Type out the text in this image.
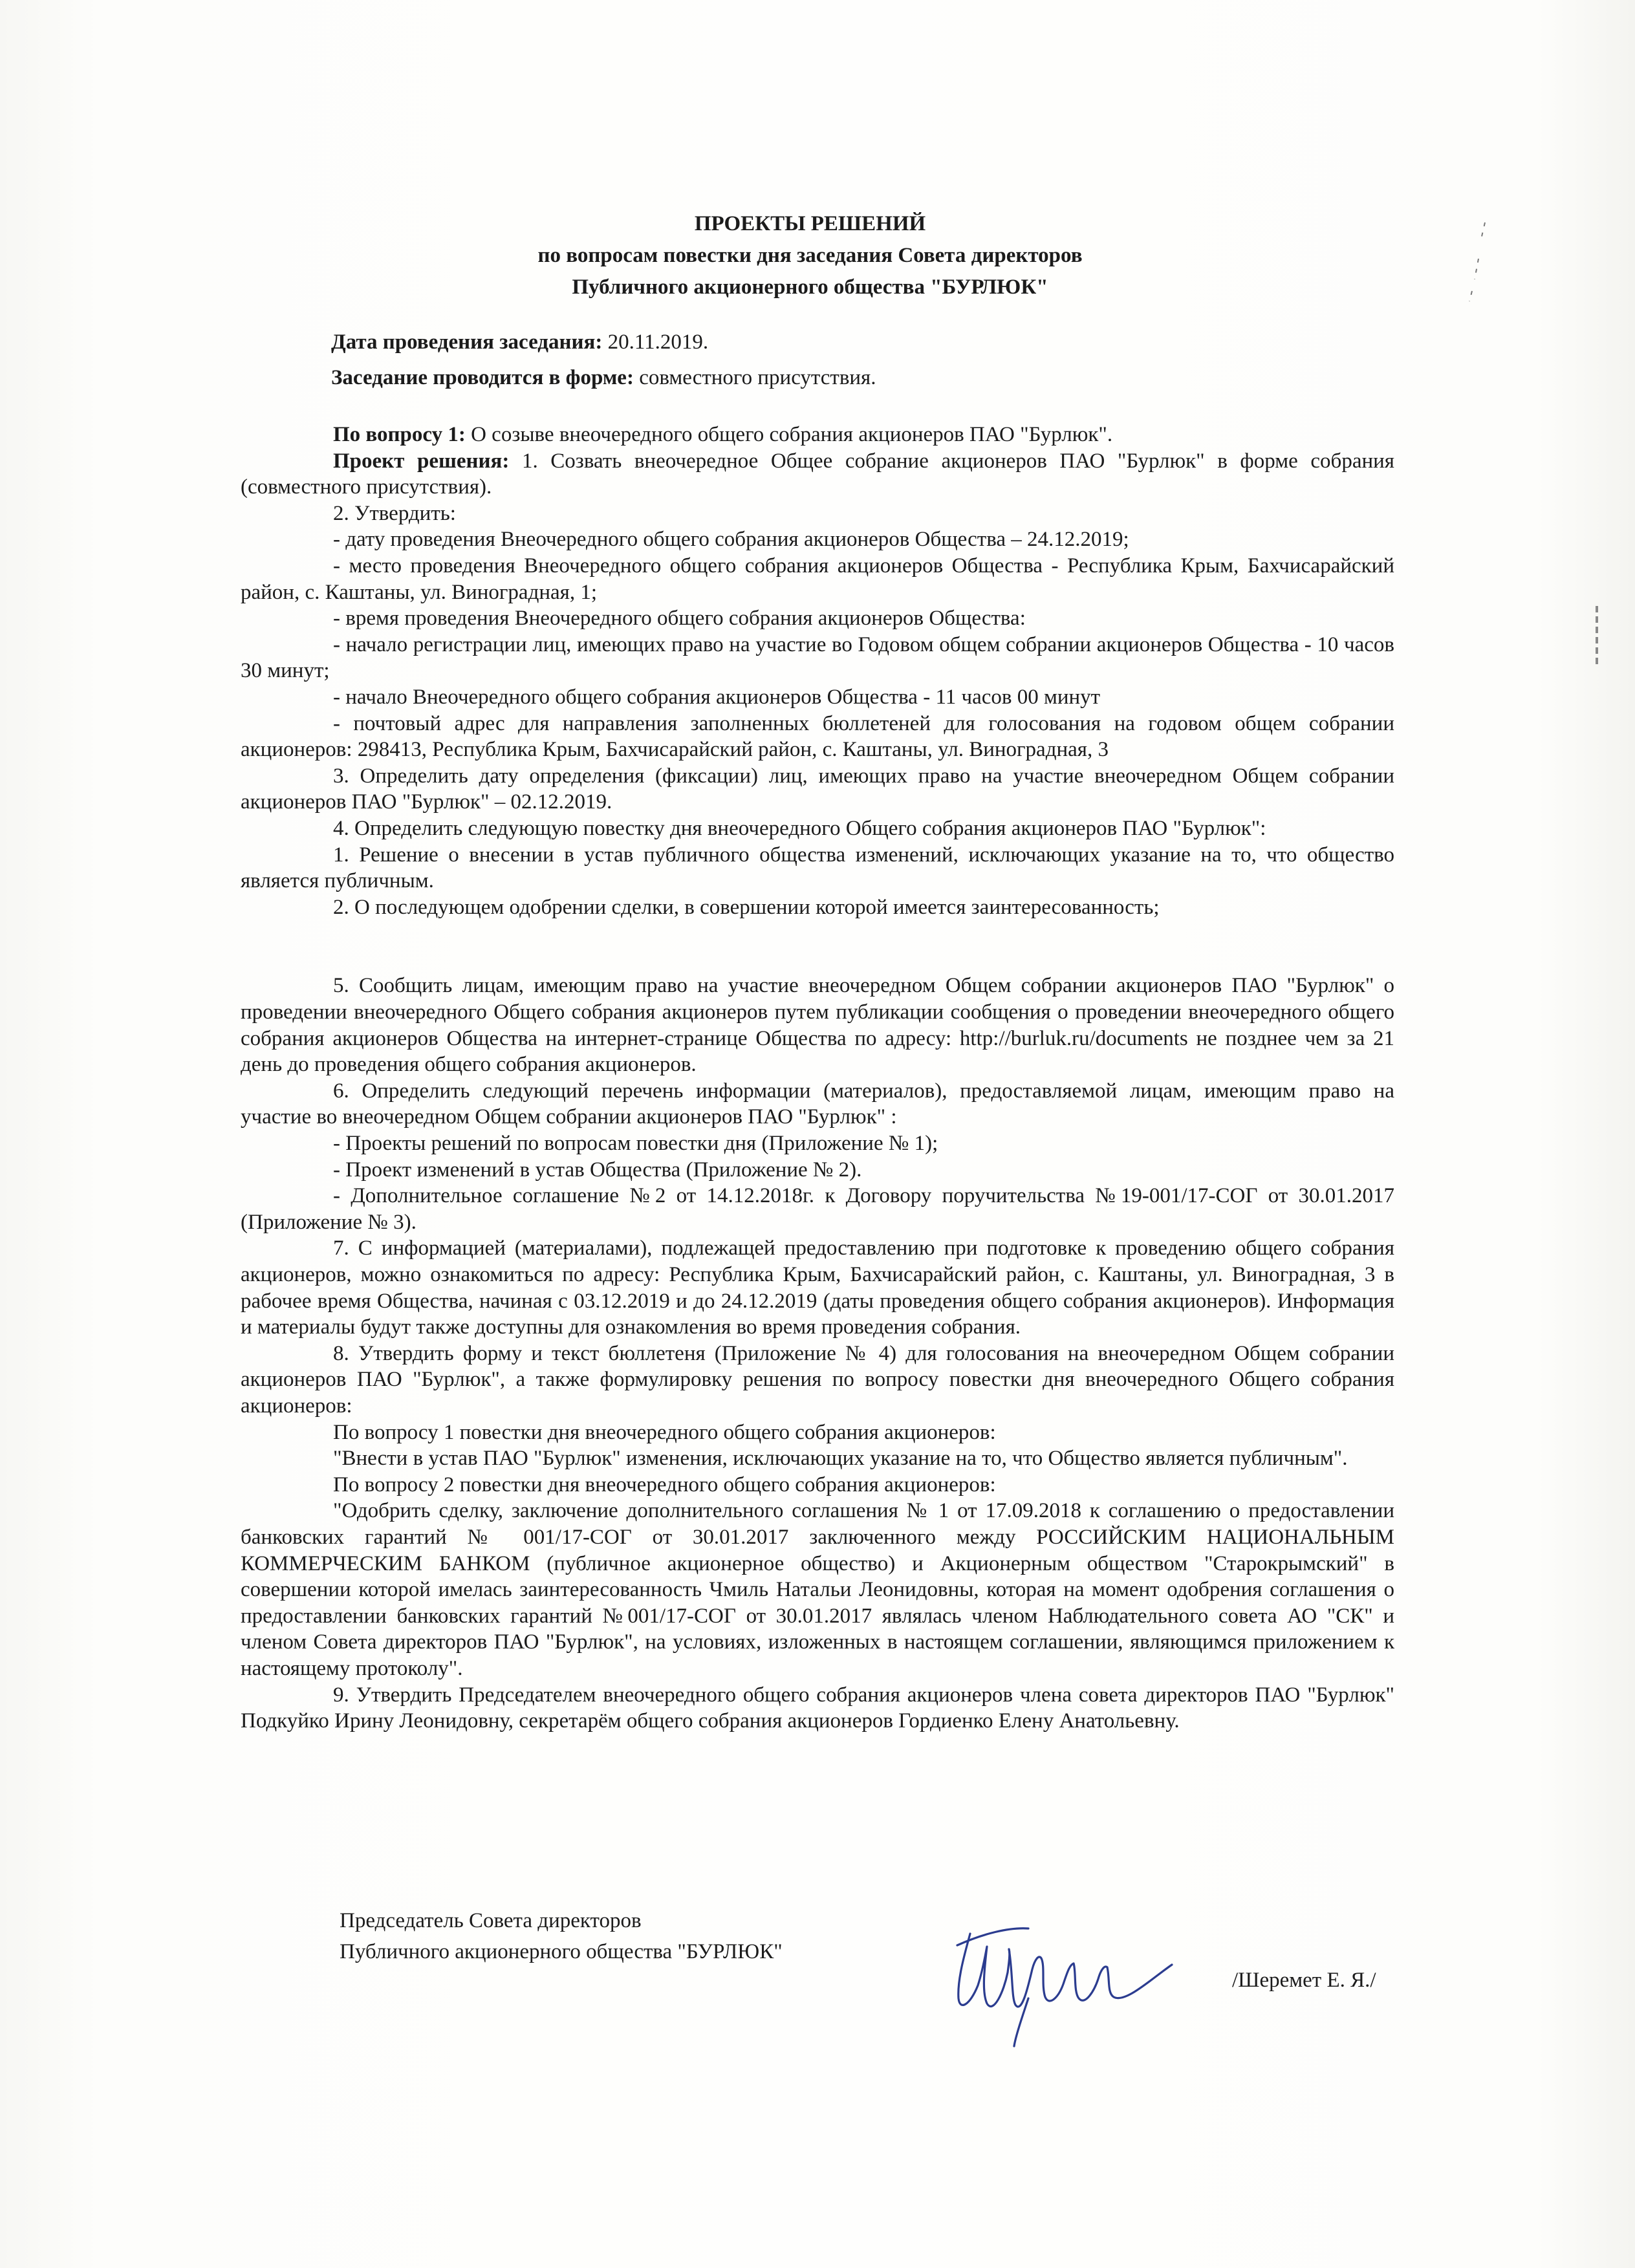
ПРОЕКТЫ РЕШЕНИЙ
по вопросам повестки дня заседания Совета директоров
Публичного акционерного общества "БУРЛЮК"
Дата проведения заседания: 20.11.2019.
Заседание проводится в форме: совместного присутствия.

По вопросу 1: О созыве внеочередного общего собрания акционеров ПАО "Бурлюк".

Проект решения: 1. Созвать внеочередное Общее собрание акционеров ПАО "Бурлюк" в форме собрания (совместного присутствия).

2. Утвердить:

- дату проведения Внеочередного общего собрания акционеров Общества – 24.12.2019;

- место проведения Внеочередного общего собрания акционеров Общества - Республика Крым, Бахчисарайский район, с. Каштаны, ул. Виноградная, 1;

- время проведения Внеочередного общего собрания акционеров Общества:

- начало регистрации лиц, имеющих право на участие во Годовом общем собрании акционеров Общества - 10 часов 30 минут;

- начало Внеочередного общего собрания акционеров Общества - 11 часов 00 минут

- почтовый адрес для направления заполненных бюллетеней для голосования на годовом общем собрании акционеров: 298413, Республика Крым, Бахчисарайский район, с. Каштаны, ул. Виноградная, 3

3. Определить дату определения (фиксации) лиц, имеющих право на участие внеочередном Общем собрании акционеров ПАО "Бурлюк" – 02.12.2019.

4. Определить следующую повестку дня внеочередного Общего собрания акционеров ПАО "Бурлюк":

1. Решение о внесении в устав публичного общества изменений, исключающих указание на то, что общество является публичным.

2. О последующем одобрении сделки, в совершении которой имеется заинтересованность;

5. Сообщить лицам, имеющим право на участие внеочередном Общем собрании акционеров ПАО "Бурлюк" о проведении внеочередного Общего собрания акционеров путем публикации сообщения о проведении внеочередного общего собрания акционеров Общества на интернет-странице Общества по адресу: http://burluk.ru/documents не позднее чем за 21 день до проведения общего собрания акционеров.

6. Определить следующий перечень информации (материалов), предоставляемой лицам, имеющим право на участие во внеочередном Общем собрании акционеров ПАО "Бурлюк" :

- Проекты решений по вопросам повестки дня (Приложение № 1);

- Проект изменений в устав Общества (Приложение № 2).

- Дополнительное соглашение №2 от 14.12.2018г. к Договору поручительства №19-001/17-СОГ от 30.01.2017 (Приложение № 3).

7. С информацией (материалами), подлежащей предоставлению при подготовке к проведению общего собрания акционеров, можно ознакомиться по адресу: Республика Крым, Бахчисарайский район, с. Каштаны, ул. Виноградная, 3 в рабочее время Общества, начиная с 03.12.2019 и до 24.12.2019 (даты проведения общего собрания акционеров). Информация и материалы будут также доступны для ознакомления во время проведения собрания.

8. Утвердить форму и текст бюллетеня (Приложение № 4) для голосования на внеочередном Общем собрании акционеров ПАО "Бурлюк", а также формулировку решения по вопросу повестки дня внеочередного Общего собрания акционеров:

По вопросу 1 повестки дня внеочередного общего собрания акционеров:

"Внести в устав ПАО "Бурлюк" изменения, исключающих указание на то, что Общество является публичным".

По вопросу 2 повестки дня внеочередного общего собрания акционеров:

"Одобрить сделку, заключение дополнительного соглашения № 1 от 17.09.2018 к соглашению о предоставлении банковских гарантий № 001/17-СОГ от 30.01.2017 заключенного между РОССИЙСКИМ НАЦИОНАЛЬНЫМ КОММЕРЧЕСКИМ БАНКОМ (публичное акционерное общество) и Акционерным обществом "Старокрымский" в совершении которой имелась заинтересованность Чмиль Натальи Леонидовны, которая на момент одобрения соглашения о предоставлении банковских гарантий №001/17-СОГ от 30.01.2017 являлась членом Наблюдательного совета АО "СК" и членом Совета директоров ПАО "Бурлюк", на условиях, изложенных в настоящем соглашении, являющимся приложением к настоящему протоколу".

9. Утвердить Председателем внеочередного общего собрания акционеров члена совета директоров ПАО "Бурлюк" Подкуйко Ирину Леонидовну, секретарём общего собрания акционеров Гордиенко Елену Анатольевну.

Председатель Совета директоров
Публичного акционерного общества "БУРЛЮК"
/Шеремет Е. Я./
